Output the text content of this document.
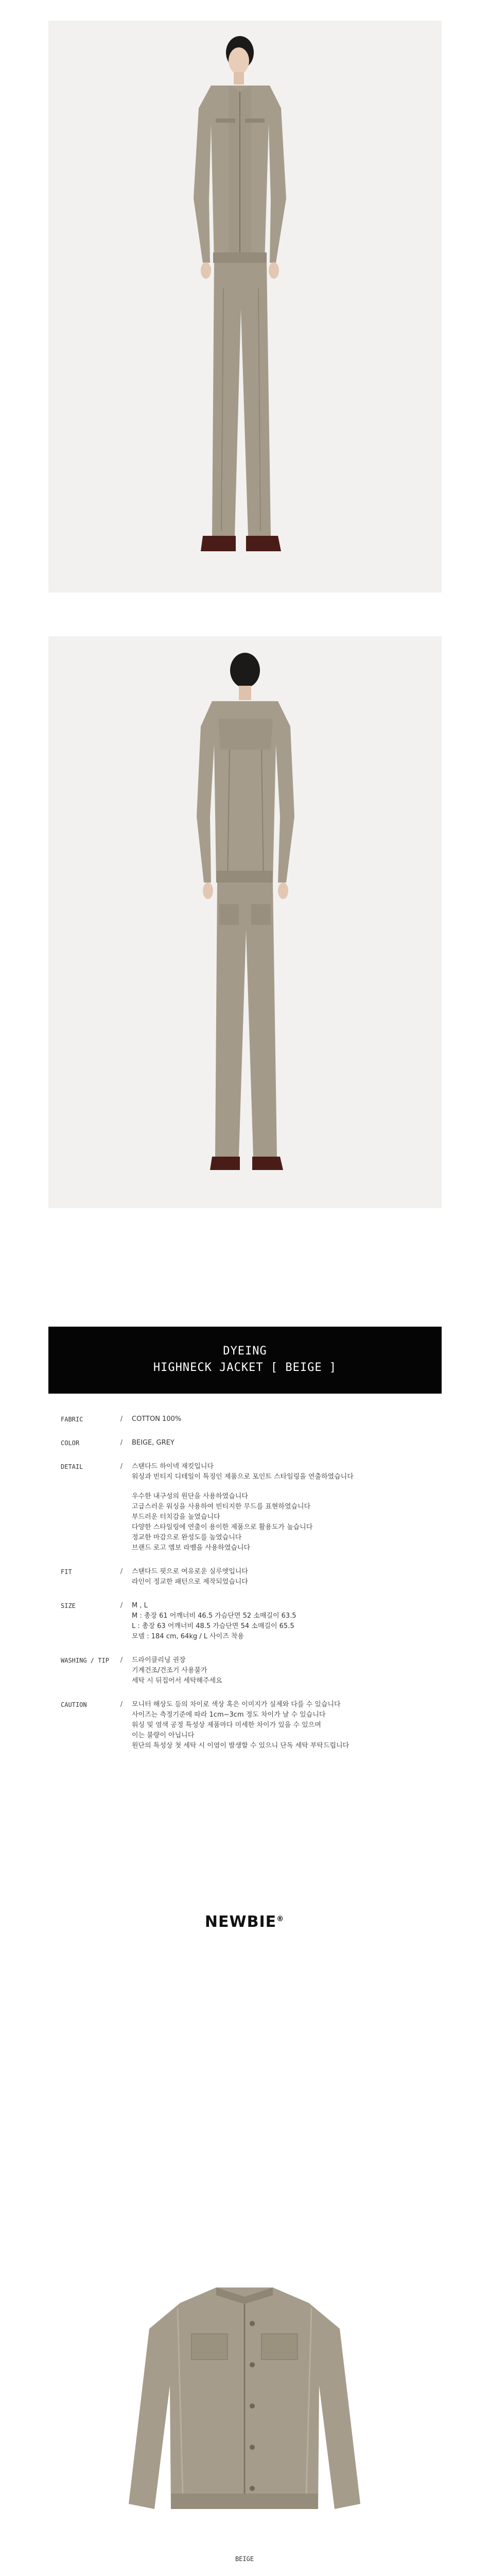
DYEING
HIGHNECK JACKET [ BEIGE ]
FABRIC	/	COTTON 100%

COLOR	/	BEIGE, GREY

DETAIL	/	스탠다드 하이넥 재킷입니다

워싱과 빈티지 디테일이 특징인 제품으로 포인트 스타일링을 연출하였습니다

우수한 내구성의 원단을 사용하였습니다

고급스러운 워싱을 사용하여 빈티지한 무드를 표현하였습니다

부드러운 터치감을 높였습니다

다양한 스타일링에 연출이 용이한 제품으로 활용도가 높습니다

정교한 마감으로 완성도를 높였습니다

브랜드 로고 엠보 라벨을 사용하였습니다

FIT	/	스탠다드 핏으로 여유로운 실루엣입니다

라인이 정교한 패턴으로 제작되었습니다

SIZE	/	M , L

M : 총장 61 어깨너비 46.5 가슴단면 52 소매길이 63.5

L : 총장 63 어깨너비 48.5 가슴단면 54 소매길이 65.5

모델 : 184 cm, 64kg / L 사이즈 착용

WASHING / TIP	/	드라이클리닝 권장

기계건조/건조기 사용불가

세탁 시 뒤집어서 세탁해주세요

CAUTION	/	모니터 해상도 등의 차이로 색상 혹은 이미지가 실제와 다를 수 있습니다

사이즈는 측정기준에 따라 1cm~3cm 정도 차이가 날 수 있습니다

워싱 및 염색 공정 특성상 제품마다 미세한 차이가 있을 수 있으며

이는 불량이 아닙니다

원단의 특성상 첫 세탁 시 이염이 발생할 수 있으니 단독 세탁 부탁드립니다

NEWBIE®
BEIGE
